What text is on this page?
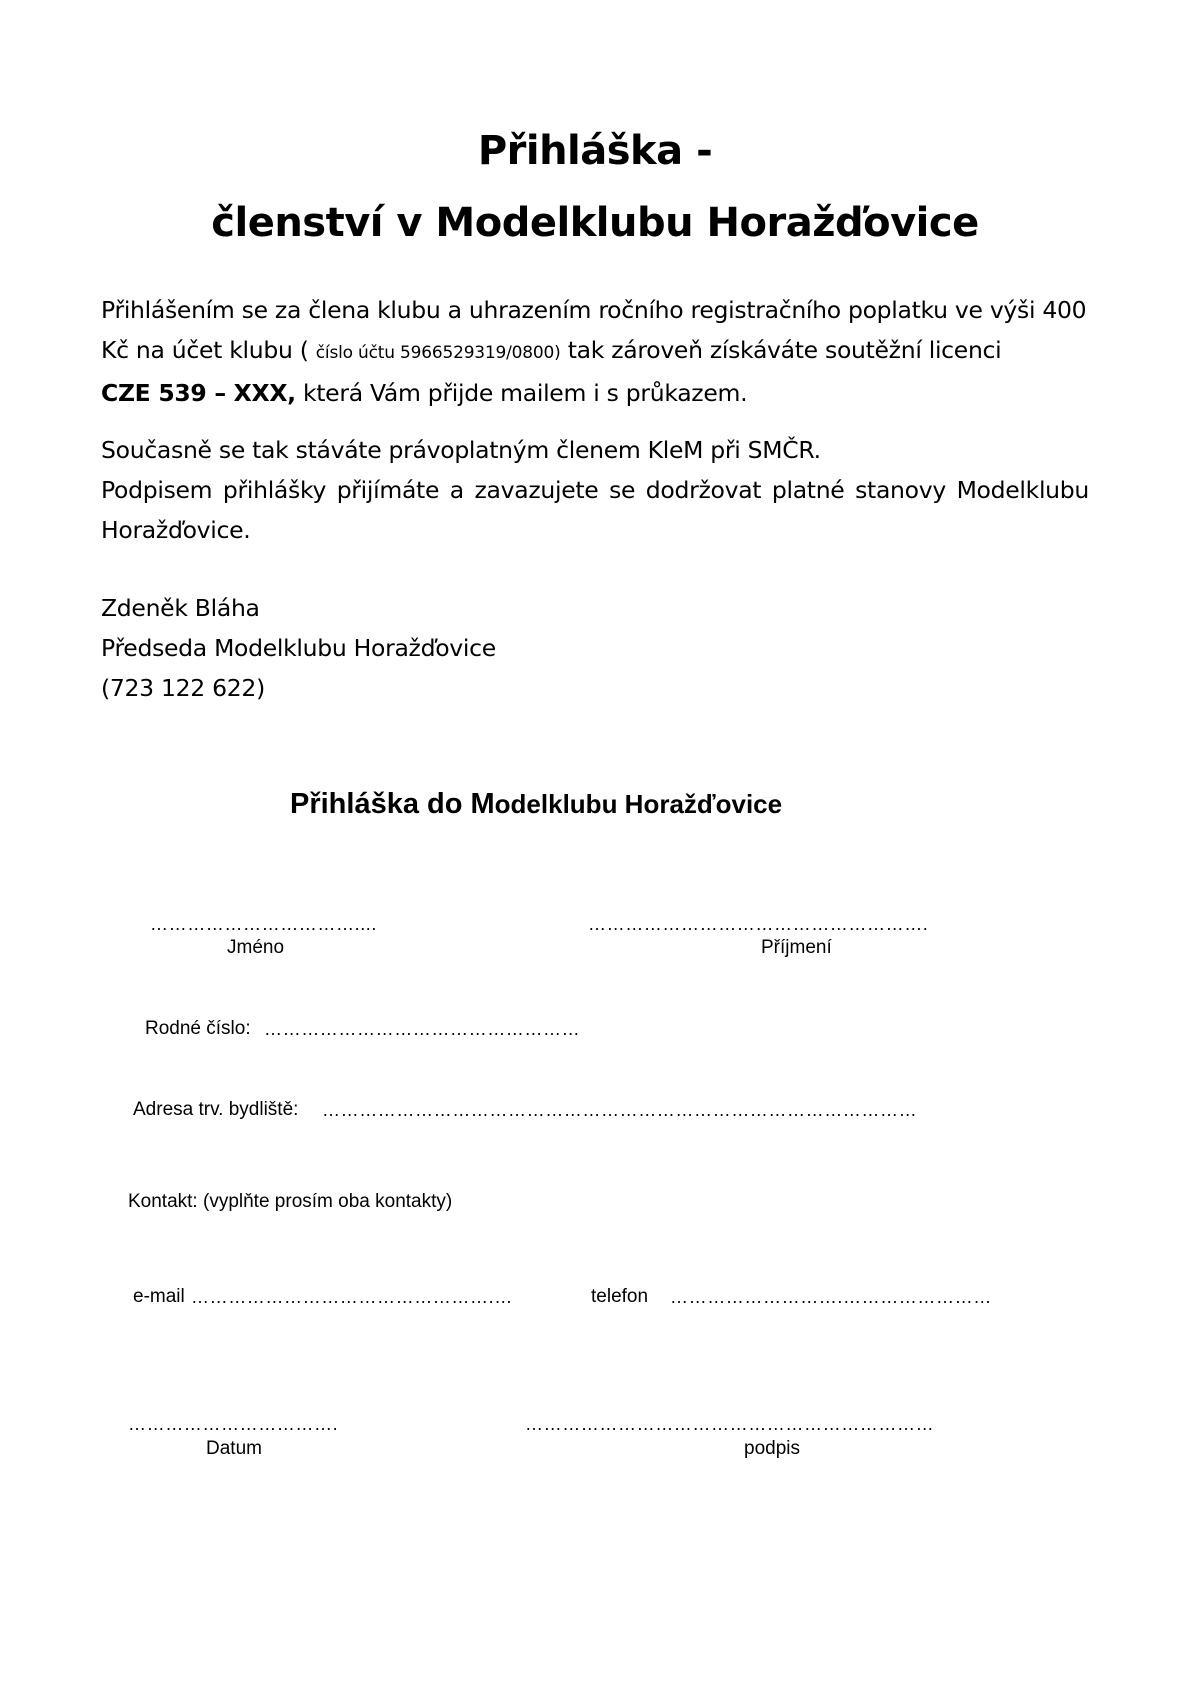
Přihláška -
členství v Modelklubu Horažďovice

Přihlášením se za člena klubu a uhrazením ročního registračního poplatku ve výši 400 Kč na účet klubu ( číslo účtu 5966529319/0800) tak zároveň získáváte soutěžní licenci
CZE 539 – XXX, která Vám přijde mailem i s průkazem.

Současně se tak stáváte právoplatným členem KleM při SMČR.
Podpisem přihlášky přijímáte a zavazujete se dodržovat platné stanovy Modelklubu Horažďovice.

Zdeněk Bláha
Předseda Modelklubu Horažďovice
(723 122 622)

Přihláška do Modelklubu Horažďovice
……………………………....
Jméno
……………………………………………….
Příjmení
Rodné číslo: ……………………………………………
Adresa trv. bydliště: ……………………………………………………………………………………
Kontakt: (vyplňte prosím oba kontakty)
e-mail ………………………………………….…	telefon ……………………….……………………
…………………………….
Datum
…………………………………………………………
podpis
